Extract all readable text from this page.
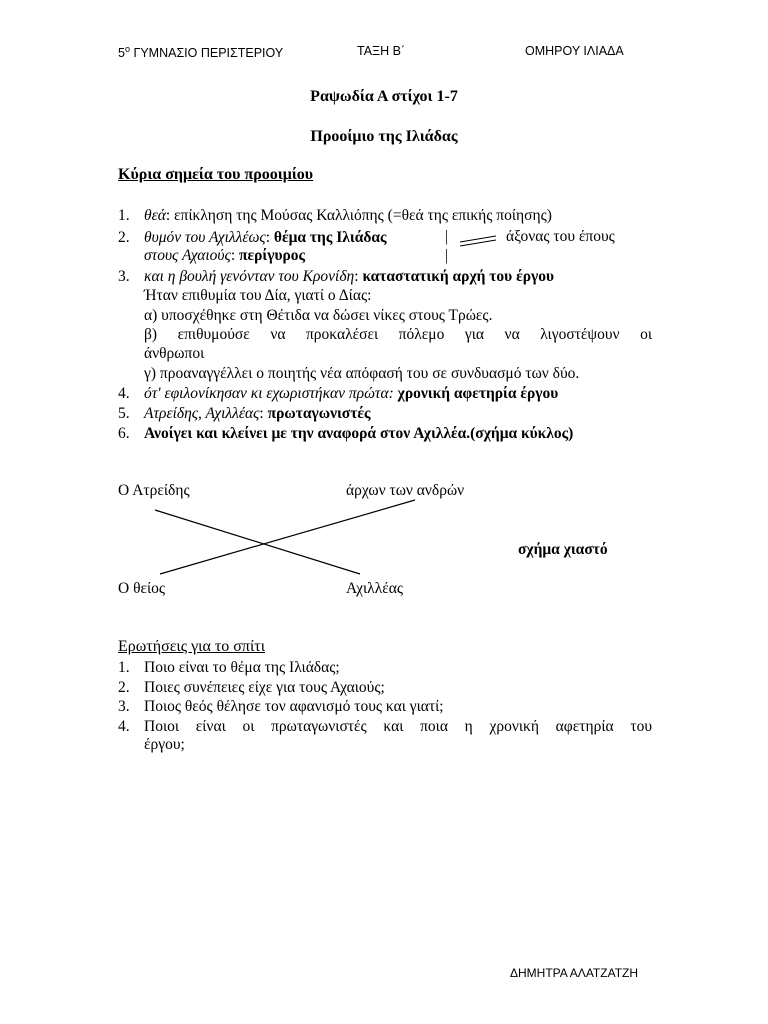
$5^o$ ΓΥΜΝΑΣΙΟ ΠΕΡΙΣΤΕΡΙΟΥ	ΤΑΞΗ Β΄	ΟΜΗΡΟΥ ΙΛΙΑΔΑ
Ραψωδία Α στίχοι 1-7
Προοίμιο της Ιλιάδας
Κύρια σημεία του προοιμίου
1. θεά: επίκληση της Μούσας Καλλιόπης (=θεά της επικής ποίησης)
2. θυμόν του Αχιλλέως: θέμα της Ιλιάδας	|	άξονας του έπους
στους Αχαιούς: περίγυρος	|
3. και η βουλή γενόνταν του Κρονίδη: καταστατική αρχή του έργου
Ήταν επιθυμία του Δία, γιατί ο Δίας:
α) υποσχέθηκε στη Θέτιδα να δώσει νίκες στους Τρώες.
β) επιθυμούσε να προκαλέσει πόλεμο για να λιγοστέψουν οι
άνθρωποι
γ) προαναγγέλλει ο ποιητής νέα απόφασή του σε συνδυασμό των δύο.
4. ότ' εφιλονίκησαν κι εχωριστήκαν πρώτα: χρονική αφετηρία έργου
5. Ατρείδης, Αχιλλέας: πρωταγωνιστές
6. Ανοίγει και κλείνει με την αναφορά στον Αχιλλέα.(σχήμα κύκλος)
Ο Ατρείδης	άρχων των ανδρών
σχήμα χιαστό
Ο θείος	Αχιλλέας
Ερωτήσεις για το σπίτι
1. Ποιο είναι το θέμα της Ιλιάδας;
2. Ποιες συνέπειες είχε για τους Αχαιούς;
3. Ποιος θεός θέλησε τον αφανισμό τους και γιατί;
4. Ποιοι είναι οι πρωταγωνιστές και ποια η χρονική αφετηρία του
έργου;
ΔΗΜΗΤΡΑ ΑΛΑΤΖΑΤΖΗ
